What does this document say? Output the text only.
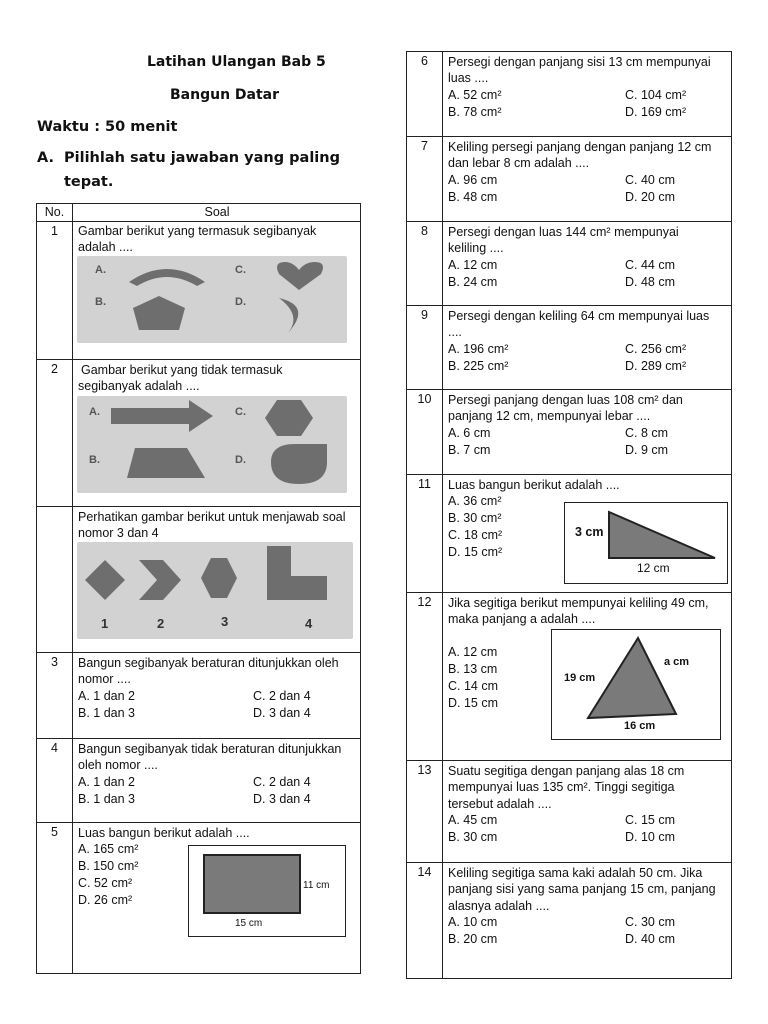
Latihan Ulangan Bab 5
Bangun Datar
Waktu : 50 menit
A. Pilihlah satu jawaban yang paling
tepat.
No.	Soal
1	Gambar berikut yang termasuk segibanyak
adalah ....
A.
B.
C.
D.
2	Gambar berikut yang tidak termasuk
segibanyak adalah ....
A.
B.
C.
D.
Perhatikan gambar berikut untuk menjawab soal
nomor 3 dan 4
1	2	3	4
3	Bangun segibanyak beraturan ditunjukkan oleh
nomor ....
A. 1 dan 2
B. 1 dan 3
C. 2 dan 4
D. 3 dan 4
4	Bangun segibanyak tidak beraturan ditunjukkan
oleh nomor ....
A. 1 dan 2
B. 1 dan 3
C. 2 dan 4
D. 3 dan 4
5	Luas bangun berikut adalah ....
A. 165 cm²
B. 150 cm²
C. 52 cm²
D. 26 cm²
15 cm
11 cm
6	Persegi dengan panjang sisi 13 cm mempunyai
luas ....
A. 52 cm²
B. 78 cm²
C. 104 cm²
D. 169 cm²
7	Keliling persegi panjang dengan panjang 12 cm
dan lebar 8 cm adalah ....
A. 96 cm
B. 48 cm
C. 40 cm
D. 20 cm
8	Persegi dengan luas 144 cm² mempunyai
keliling ....
A. 12 cm
B. 24 cm
C. 44 cm
D. 48 cm
9	Persegi dengan keliling 64 cm mempunyai luas
....
A. 196 cm²
B. 225 cm²
C. 256 cm²
D. 289 cm²
10	Persegi panjang dengan luas 108 cm² dan
panjang 12 cm, mempunyai lebar ....
A. 6 cm
B. 7 cm
C. 8 cm
D. 9 cm
11	Luas bangun berikut adalah ....
A. 36 cm²
B. 30 cm²
C. 18 cm²
D. 15 cm²
3 cm
12 cm
12	Jika segitiga berikut mempunyai keliling 49 cm,
maka panjang a adalah ....
A. 12 cm
B. 13 cm
C. 14 cm
D. 15 cm
19 cm
a cm
16 cm
13	Suatu segitiga dengan panjang alas 18 cm
mempunyai luas 135 cm². Tinggi segitiga
tersebut adalah ....
A. 45 cm
B. 30 cm
C. 15 cm
D. 10 cm
14	Keliling segitiga sama kaki adalah 50 cm. Jika
panjang sisi yang sama panjang 15 cm, panjang
alasnya adalah ....
A. 10 cm
B. 20 cm
C. 30 cm
D. 40 cm
